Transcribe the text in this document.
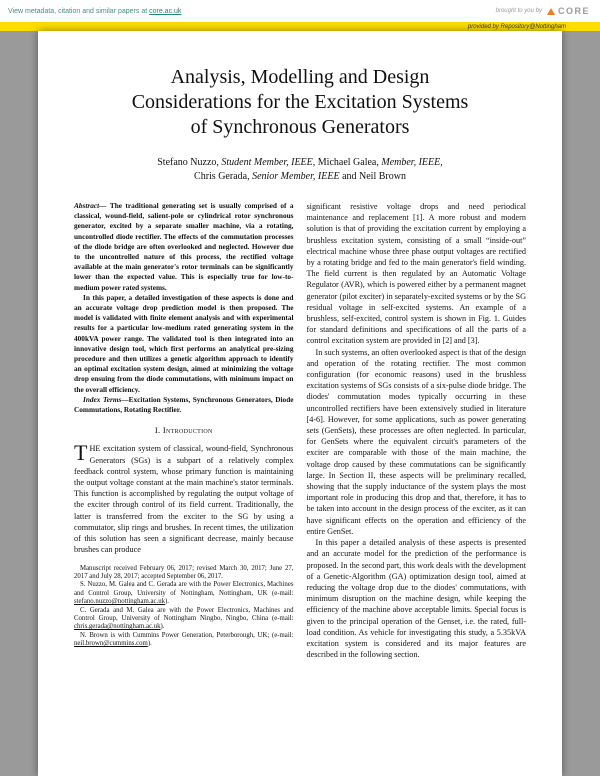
View metadata, citation and similar papers at core.ac.uk	brought to you by CORE
provided by Repository@Nottingham
Analysis, Modelling and Design
Considerations for the Excitation Systems
of Synchronous Generators
Stefano Nuzzo, Student Member, IEEE, Michael Galea, Member, IEEE,
Chris Gerada, Senior Member, IEEE and Neil Brown

Abstract— The traditional generating set is usually comprised of a classical, wound-field, salient-pole or cylindrical rotor synchronous generator, excited by a separate smaller machine, via a rotating, uncontrolled diode rectifier. The effects of the commutation processes of the diode bridge are often overlooked and neglected. However due to the uncontrolled nature of this process, the rectified voltage available at the main generator's rotor terminals can be significantly lower than the expected value. This is especially true for low-to-medium power rated systems.

In this paper, a detailed investigation of these aspects is done and an accurate voltage drop prediction model is then proposed. The model is validated with finite element analysis and with experimental results for a particular low-medium rated generating system in the 400kVA power range. The validated tool is then integrated into an innovative design tool, which first performs an analytical pre-sizing procedure and then utilizes a genetic algorithm approach to identify an optimal excitation system design, aimed at minimizing the voltage drop ensuing from the diode commutations, with minimum impact on the overall efficiency.

Index Terms—Excitation Systems, Synchronous Generators, Diode Commutations, Rotating Rectifier.

I. Introduction

THE excitation system of classical, wound-field, Synchronous Generators (SGs) is a subpart of a relatively complex feedback control system, whose primary function is maintaining the output voltage constant at the main machine's stator terminals. This function is accomplished by regulating the output voltage of the exciter through control of its field current. Traditionally, the latter is transferred from the exciter to the SG by using a commutator, slip rings and brushes. In recent times, the utilization of this solution has seen a significant decrease, mainly because brushes can produce

Manuscript received February 06, 2017; revised March 30, 2017; June 27, 2017 and July 28, 2017; accepted September 06, 2017.

S. Nuzzo, M. Galea and C. Gerada are with the Power Electronics, Machines and Control Group, University of Nottingham, Nottingham, UK (e-mail: stefano.nuzzo@nottingham.ac.uk).

C. Gerada and M. Galea are with the Power Electronics, Machines and Control Group, University of Nottingham Ningbo, Ningbo, China (e-mail: chris.gerada@nottingham.ac.uk).

N. Brown is with Cummins Power Generation, Peterborough, UK; (e-mail: neil.brown@cummins.com).

significant resistive voltage drops and need periodical maintenance and replacement [1]. A more robust and modern solution is that of providing the excitation current by employing a brushless excitation system, consisting of a small “inside-out” electrical machine whose three phase output voltages are rectified by a rotating bridge and fed to the main generator's field winding. The field current is then regulated by an Automatic Voltage Regulator (AVR), which is powered either by a permanent magnet generator (pilot exciter) in separately-excited systems or by the SG residual voltage in self-excited systems. An example of a brushless, self-excited, control system is shown in Fig. 1. Guides for standard definitions and specifications of all the parts of a control excitation system are provided in [2] and [3].

In such systems, an often overlooked aspect is that of the design and operation of the rotating rectifier. The most common configuration (for economic reasons) used in the brushless excitation systems of SGs consists of a six-pulse diode bridge. The diodes' commutation modes typically occurring in these uncontrolled rectifiers have been extensively studied in literature [4-6]. However, for some applications, such as power generating sets (GenSets), these processes are often neglected. In particular, for GenSets where the equivalent circuit's parameters of the exciter are comparable with those of the main machine, the voltage drop caused by these commutations can be significantly large. In Section II, these aspects will be preliminary recalled, showing that the supply inductance of the system plays the most important role in producing this drop and that, therefore, it has to be taken into account in the design process of the exciter, as it can have significant effects on the operation and efficiency of the entire GenSet.

In this paper a detailed analysis of these aspects is presented and an accurate model for the prediction of the performance is proposed. In the second part, this work deals with the development of a Genetic-Algorithm (GA) optimization design tool, aimed at reducing the voltage drop due to the diodes' commutations, with minimum disruption on the machine design, while keeping the efficiency of the machine above acceptable limits. Special focus is given to the principal operation of the Genset, i.e. the rated, full-load condition. As vehicle for investigating this study, a 5.35kVA excitation system is considered and its major features are described in the following section.
